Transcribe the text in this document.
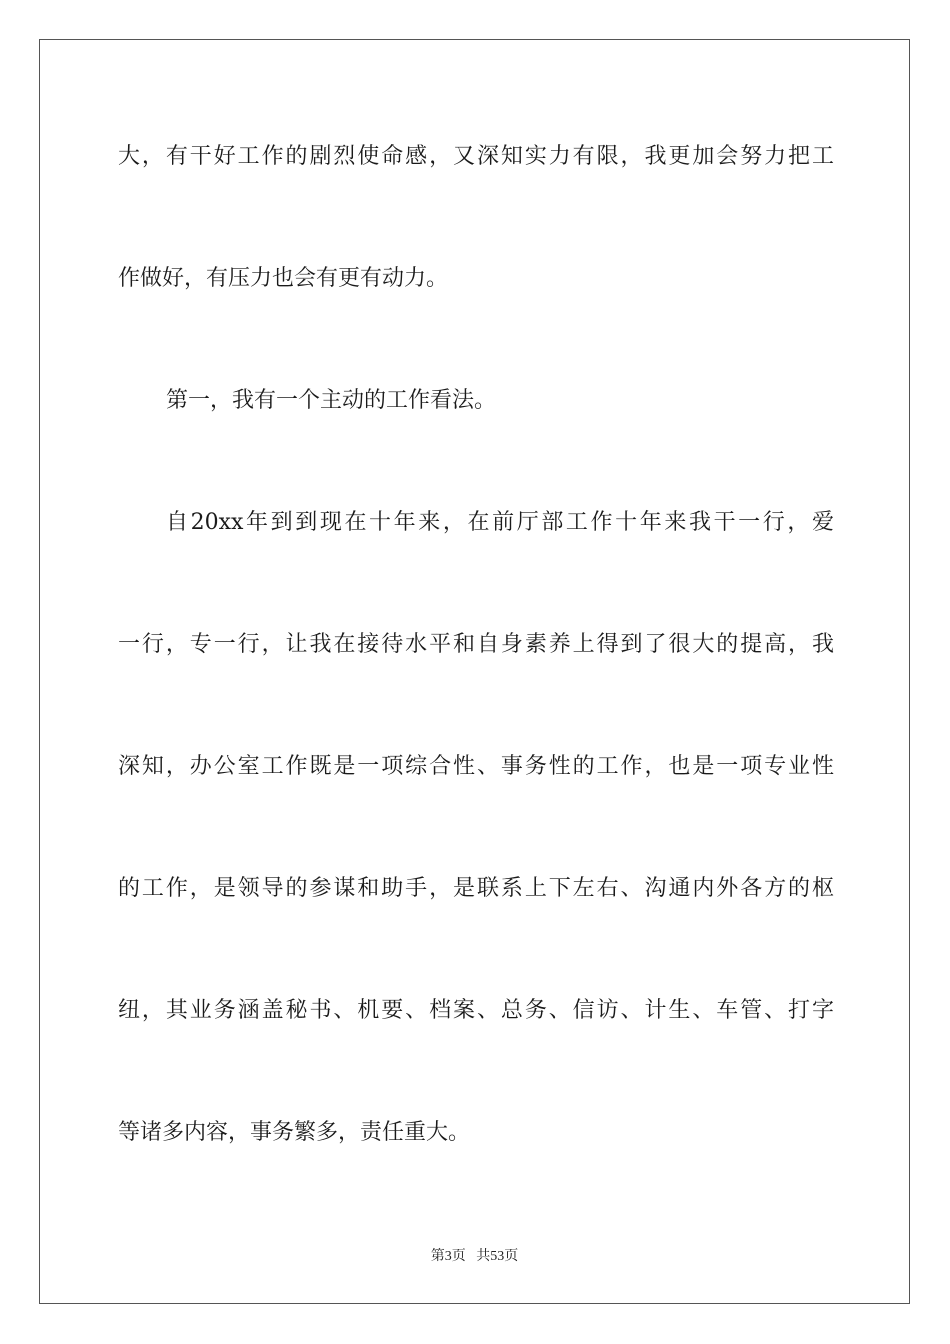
大，有干好工作的剧烈使命感，又深知实力有限，我更加会努力把工
作做好，有压力也会有更有动力。
第一，我有一个主动的工作看法。
自20xx年到到现在十年来，在前厅部工作十年来我干一行，爱
一行，专一行，让我在接待水平和自身素养上得到了很大的提高，我
深知，办公室工作既是一项综合性、事务性的工作，也是一项专业性
的工作，是领导的参谋和助手，是联系上下左右、沟通内外各方的枢
纽，其业务涵盖秘书、机要、档案、总务、信访、计生、车管、打字
等诸多内容，事务繁多，责任重大。
第3页 共53页
